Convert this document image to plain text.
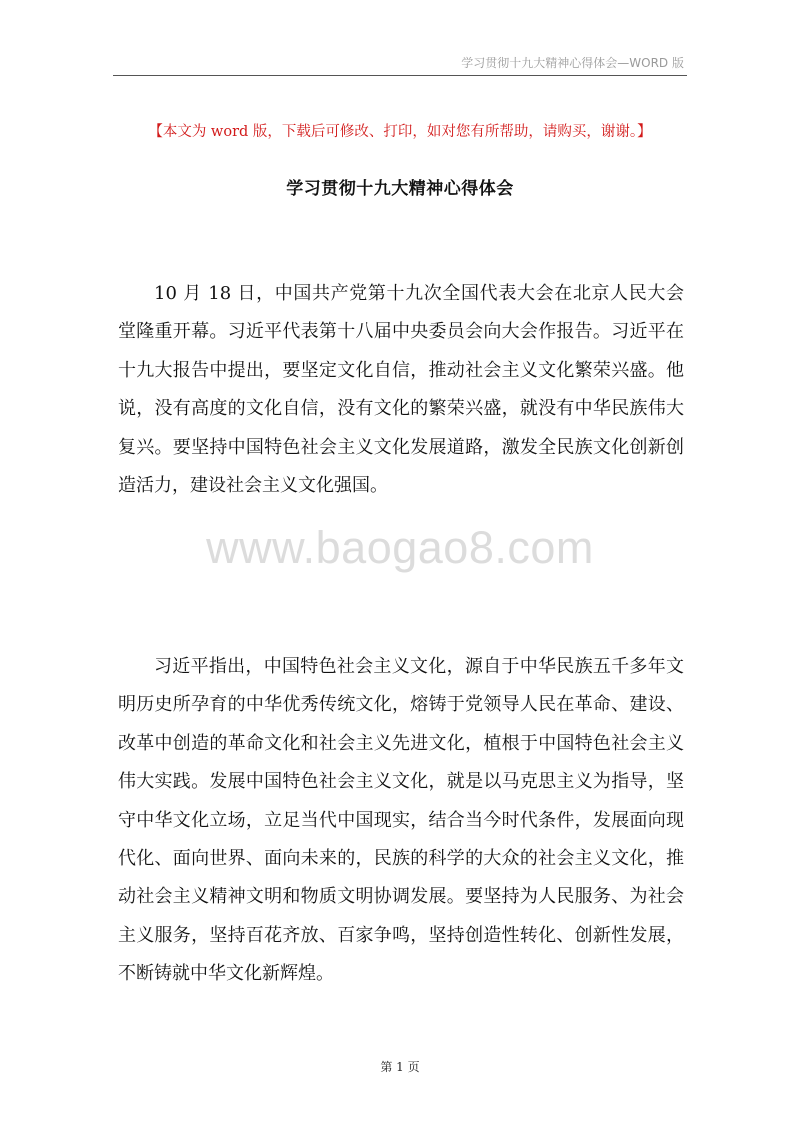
学习贯彻十九大精神心得体会—WORD 版
【本文为 word 版，下载后可修改、打印，如对您有所帮助，请购买，谢谢。】
学习贯彻十九大精神心得体会

10 月 18 日，中国共产党第十九次全国代表大会在北京人民大会堂隆重开幕。习近平代表第十八届中央委员会向大会作报告。习近平在十九大报告中提出，要坚定文化自信，推动社会主义文化繁荣兴盛。他说，没有高度的文化自信，没有文化的繁荣兴盛，就没有中华民族伟大复兴。要坚持中国特色社会主义文化发展道路，激发全民族文化创新创造活力，建设社会主义文化强国。

www.baogao8.com

习近平指出，中国特色社会主义文化，源自于中华民族五千多年文明历史所孕育的中华优秀传统文化，熔铸于党领导人民在革命、建设、改革中创造的革命文化和社会主义先进文化，植根于中国特色社会主义伟大实践。发展中国特色社会主义文化，就是以马克思主义为指导，坚守中华文化立场，立足当代中国现实，结合当今时代条件，发展面向现代化、面向世界、面向未来的，民族的科学的大众的社会主义文化，推动社会主义精神文明和物质文明协调发展。要坚持为人民服务、为社会主义服务，坚持百花齐放、百家争鸣，坚持创造性转化、创新性发展，不断铸就中华文化新辉煌。

第 1 页
